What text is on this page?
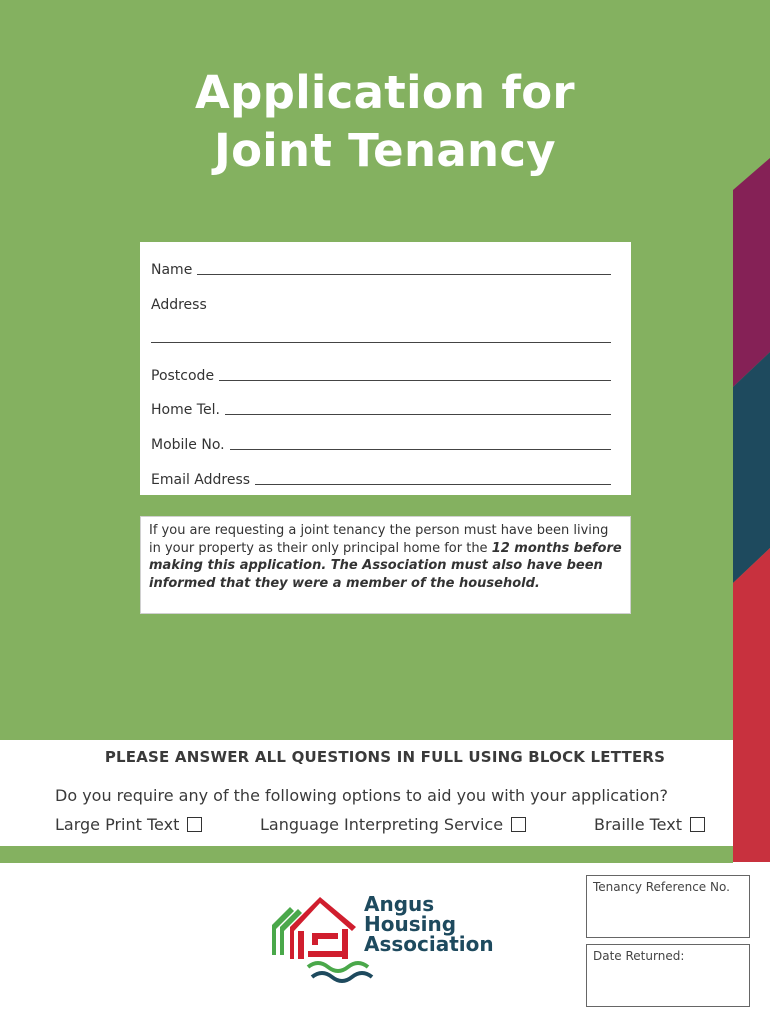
Application for
Joint Tenancy
Name
Address
Postcode
Home Tel.
Mobile No.
Email Address
If you are requesting a joint tenancy the person must have been living in your property as their only principal home for the 12 months before making this application. The Association must also have been informed that they were a member of the household.
PLEASE ANSWER ALL QUESTIONS IN FULL USING BLOCK LETTERS
Do you require any of the following options to aid you with your application?
Large Print Text	Language Interpreting Service	Braille Text
Tenancy Reference No.
Date Returned:
Angus
Housing
Association
